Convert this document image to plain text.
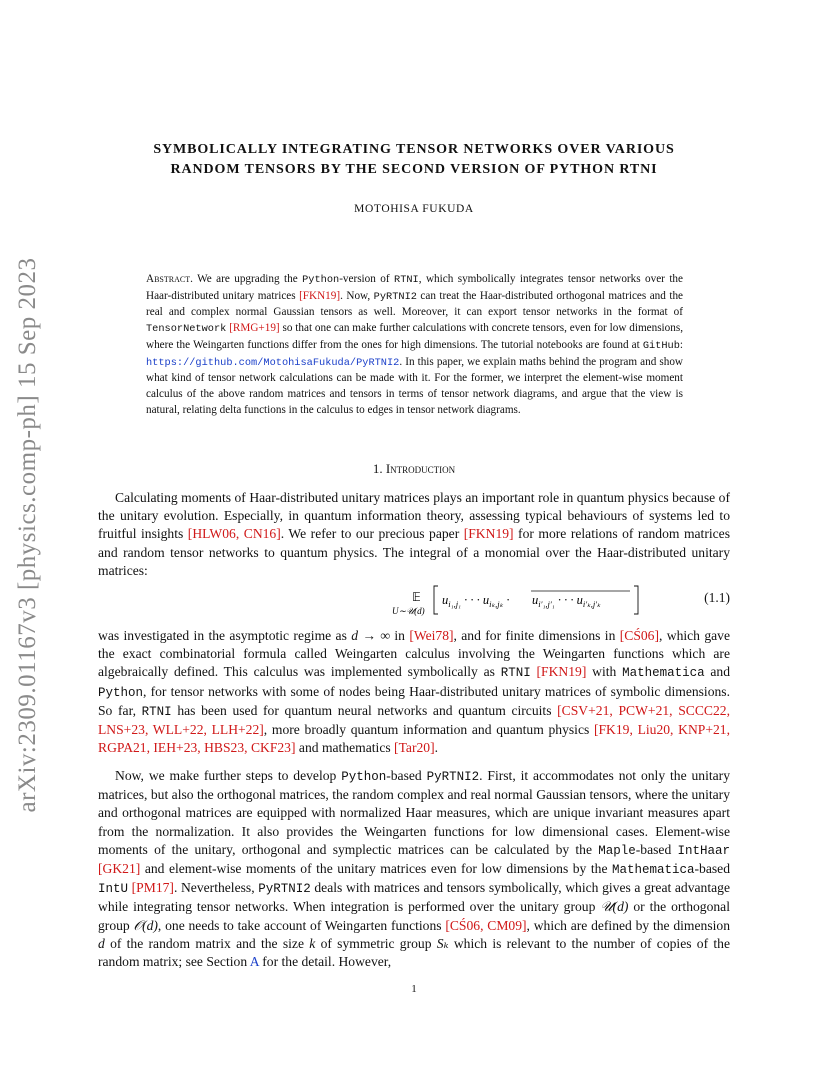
arXiv:2309.01167v3 [physics.comp-ph] 15 Sep 2023
SYMBOLICALLY INTEGRATING TENSOR NETWORKS OVER VARIOUS
RANDOM TENSORS BY THE SECOND VERSION OF PYTHON RTNI
MOTOHISA FUKUDA
Abstract. We are upgrading the Python-version of RTNI, which symbolically integrates tensor networks over the Haar-distributed unitary matrices [FKN19]. Now, PyRTNI2 can treat the Haar-distributed orthogonal matrices and the real and complex normal Gaussian tensors as well. Moreover, it can export tensor networks in the format of TensorNetwork [RMG+19] so that one can make further calculations with concrete tensors, even for low dimensions, where the Weingarten functions differ from the ones for high dimensions. The tutorial notebooks are found at GitHub: https://github.com/MotohisaFukuda/PyRTNI2. In this paper, we explain maths behind the program and show what kind of tensor network calculations can be made with it. For the former, we interpret the element-wise moment calculus of the above random matrices and tensors in terms of tensor network diagrams, and argue that the view is natural, relating delta functions in the calculus to edges in tensor network diagrams.
1. Introduction
Calculating moments of Haar-distributed unitary matrices plays an important role in quantum physics because of the unitary evolution. Especially, in quantum information theory, assessing typical behaviours of systems led to fruitful insights [HLW06, CN16]. We refer to our precious paper [FKN19] for more relations of random matrices and random tensor networks to quantum physics. The integral of a monomial over the Haar-distributed unitary matrices:
𝔼
U∼𝒰(d)
$u_{i_1,j_1}$ · · · $u_{i_k,j_k} \cdot u_{i'_1,j'_1}$ · · · $u_{i'_k,j'_k}$	(1.1)
was investigated in the asymptotic regime as d → ∞ in [Wei78], and for finite dimensions in [CŚ06], which gave the exact combinatorial formula called Weingarten calculus involving the Weingarten functions which are algebraically defined. This calculus was implemented symbolically as RTNI [FKN19] with Mathematica and Python, for tensor networks with some of nodes being Haar-distributed unitary matrices of symbolic dimensions. So far, RTNI has been used for quantum neural networks and quantum circuits [CSV+21, PCW+21, SCCC22, LNS+23, WLL+22, LLH+22], more broadly quantum information and quantum physics [FK19, Liu20, KNP+21, RGPA21, IEH+23, HBS23, CKF23] and mathematics [Tar20].
Now, we make further steps to develop Python-based PyRTNI2. First, it accommodates not only the unitary matrices, but also the orthogonal matrices, the random complex and real normal Gaussian tensors, where the unitary and orthogonal matrices are equipped with normalized Haar measures, which are unique invariant measures apart from the normalization. It also provides the Weingarten functions for low dimensional cases. Element-wise moments of the unitary, orthogonal and symplectic matrices can be calculated by the Maple-based IntHaar [GK21] and element-wise moments of the unitary matrices even for low dimensions by the Mathematica-based IntU [PM17]. Nevertheless, PyRTNI2 deals with matrices and tensors symbolically, which gives a great advantage while integrating tensor networks. When integration is performed over the unitary group 𝒰(d) or the orthogonal group 𝒪(d), one needs to take account of Weingarten functions [CŚ06, CM09], which are defined by the dimension d of the random matrix and the size k of symmetric group Sₖ which is relevant to the number of copies of the random matrix; see Section A for the detail. However,
1
